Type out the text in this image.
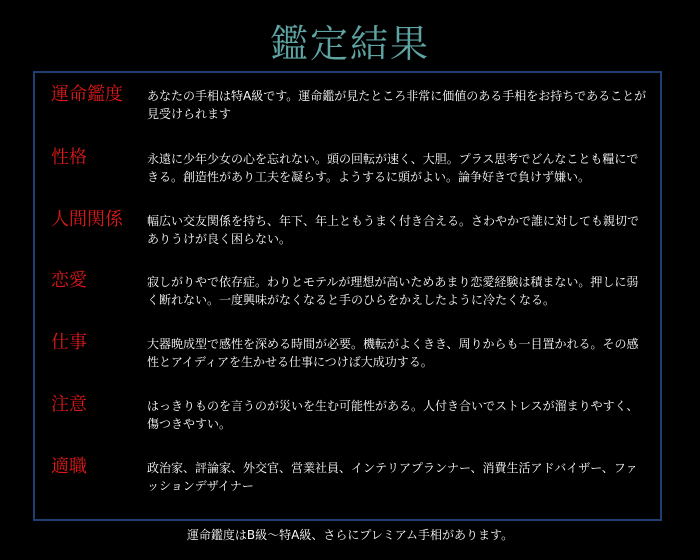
鑑定結果
運命鑑度 あなたの手相は特A級です。運命鑑が見たところ非常に価値のある手相をお持ちであることが見受けられます
性格	永遠に少年少女の心を忘れない。頭の回転が速く、大胆。プラス思考でどんなことも糧にできる。創造性があり工夫を凝らす。ようするに頭がよい。論争好きで負けず嫌い。
人間関係 幅広い交友関係を持ち、年下、年上ともうまく付き合える。さわやかで誰に対しても親切でありうけが良く困らない。
恋愛	寂しがりやで依存症。わりとモテルが理想が高いためあまり恋愛経験は積まない。押しに弱く断れない。一度興味がなくなると手のひらをかえしたように冷たくなる。
仕事	大器晩成型で感性を深める時間が必要。機転がよくきき、周りからも一目置かれる。その感性とアイディアを生かせる仕事につけば大成功する。
注意	はっきりものを言うのが災いを生む可能性がある。人付き合いでストレスが溜まりやすく、傷つきやすい。
適職	政治家、評論家、外交官、営業社員、インテリアプランナー、消費生活アドバイザー、ファッションデザイナー
運命鑑度はB級～特A級、さらにプレミアム手相があります。
